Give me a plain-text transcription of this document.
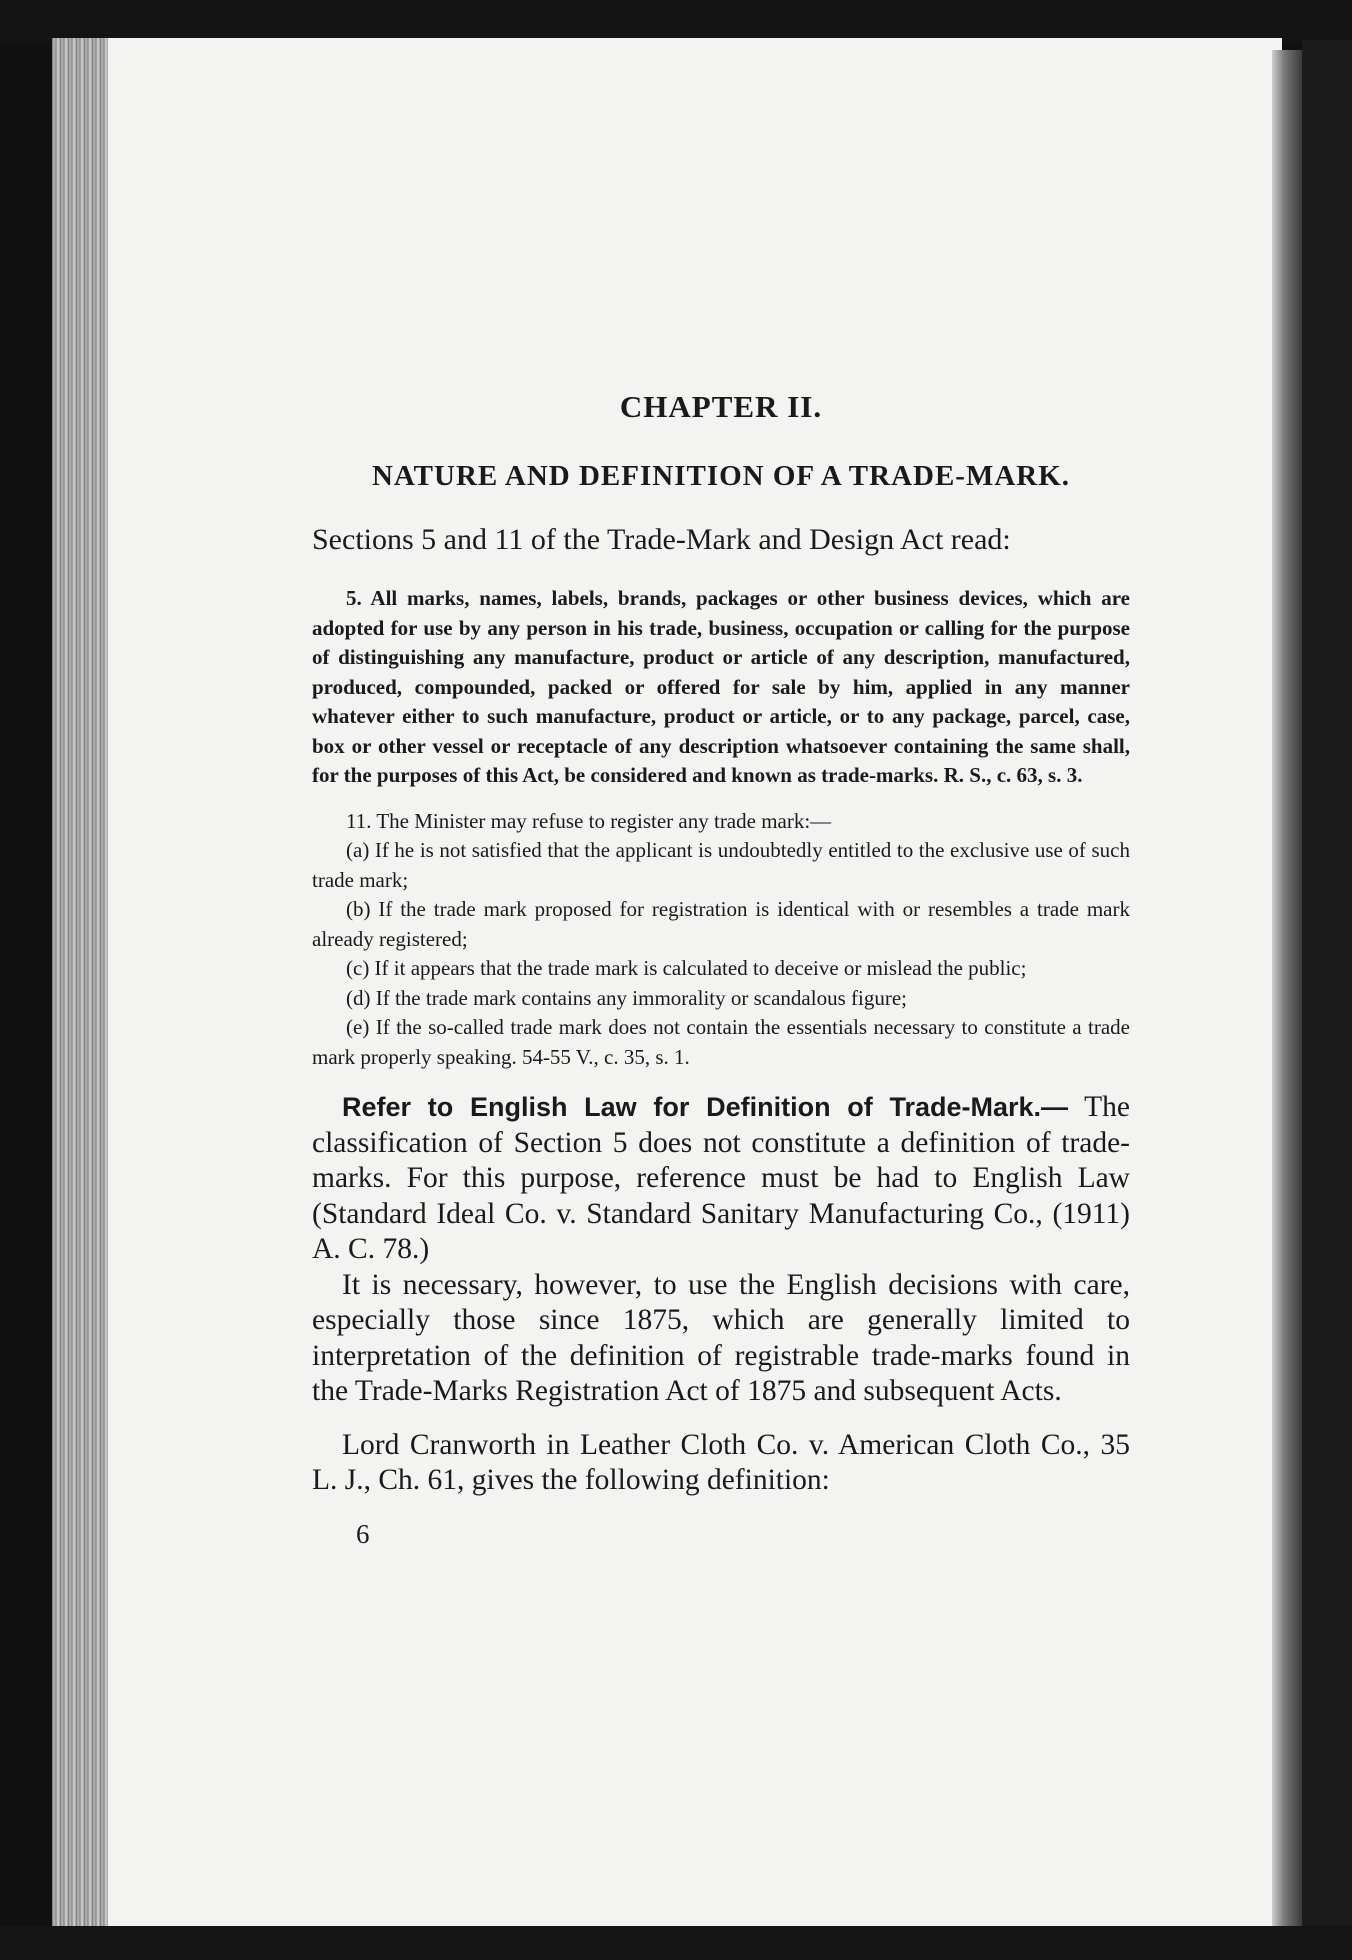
CHAPTER II.
NATURE AND DEFINITION OF A TRADE-MARK.

Sections 5 and 11 of the Trade-Mark and Design Act read:

5. All marks, names, labels, brands, packages or other business devices, which are adopted for use by any person in his trade, business, occupation or calling for the purpose of distinguishing any manufacture, product or article of any description, manufactured, produced, compounded, packed or offered for sale by him, applied in any manner whatever either to such manufacture, product or article, or to any package, parcel, case, box or other vessel or receptacle of any description whatsoever containing the same shall, for the purposes of this Act, be considered and known as trade-marks. R. S., c. 63, s. 3.

11. The Minister may refuse to register any trade mark:—

(a) If he is not satisfied that the applicant is undoubtedly entitled to the exclusive use of such trade mark;

(b) If the trade mark proposed for registration is identical with or resembles a trade mark already registered;

(c) If it appears that the trade mark is calculated to deceive or mislead the public;

(d) If the trade mark contains any immorality or scandalous figure;

(e) If the so-called trade mark does not contain the essentials necessary to constitute a trade mark properly speaking. 54-55 V., c. 35, s. 1.

Refer to English Law for Definition of Trade-Mark.— The classification of Section 5 does not constitute a definition of trade-marks. For this purpose, reference must be had to English Law (Standard Ideal Co. v. Standard Sanitary Manufacturing Co., (1911) A. C. 78.)

It is necessary, however, to use the English decisions with care, especially those since 1875, which are generally limited to interpretation of the definition of registrable trade-marks found in the Trade-Marks Registration Act of 1875 and subsequent Acts.

Lord Cranworth in Leather Cloth Co. v. American Cloth Co., 35 L. J., Ch. 61, gives the following definition:

6
